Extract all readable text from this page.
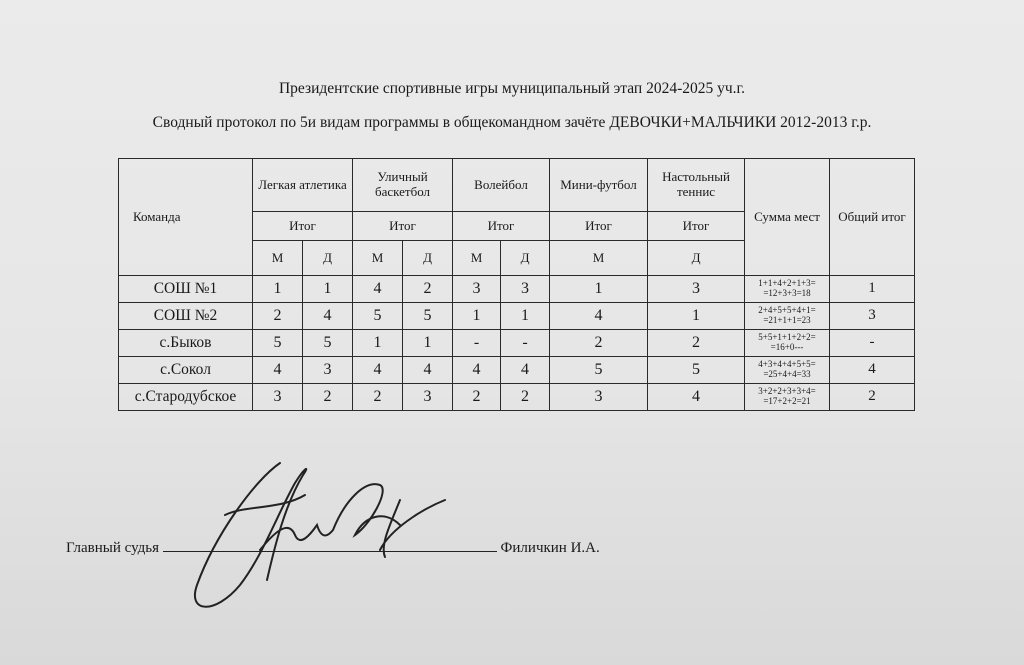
Президентские спортивные игры муниципальный этап 2024-2025 уч.г.
Сводный протокол по 5и видам программы в общекомандном зачёте ДЕВОЧКИ+МАЛЬЧИКИ 2012-2013 г.р.
Команда	Легкая атлетика		Уличный баскетбол		Волейбол		Мини-футбол	Настольный теннис	Сумма мест	Общий итог
	Итог		Итог		Итог		Итог	Итог		
	М	Д	М	Д	М	Д	М	Д		
СОШ №1	1	1	4	2	3	3	1	3	1+1+4+2+1+3=
=12+3+3=18	1
СОШ №2	2	4	5	5	1	1	4	1	2+4+5+5+4+1=
=21+1+1=23	3
с.Быков	5	5	1	1	-	-	2	2	5+5+1+1+2+2=
=16+0---	-
с.Сокол	4	3	4	4	4	4	5	5	4+3+4+4+5+5=
=25+4+4=33	4
с.Стародубское	3	2	2	3	2	2	3	4	3+2+2+3+3+4=
=17+2+2=21	2
Главный судья	Филичкин И.А.
